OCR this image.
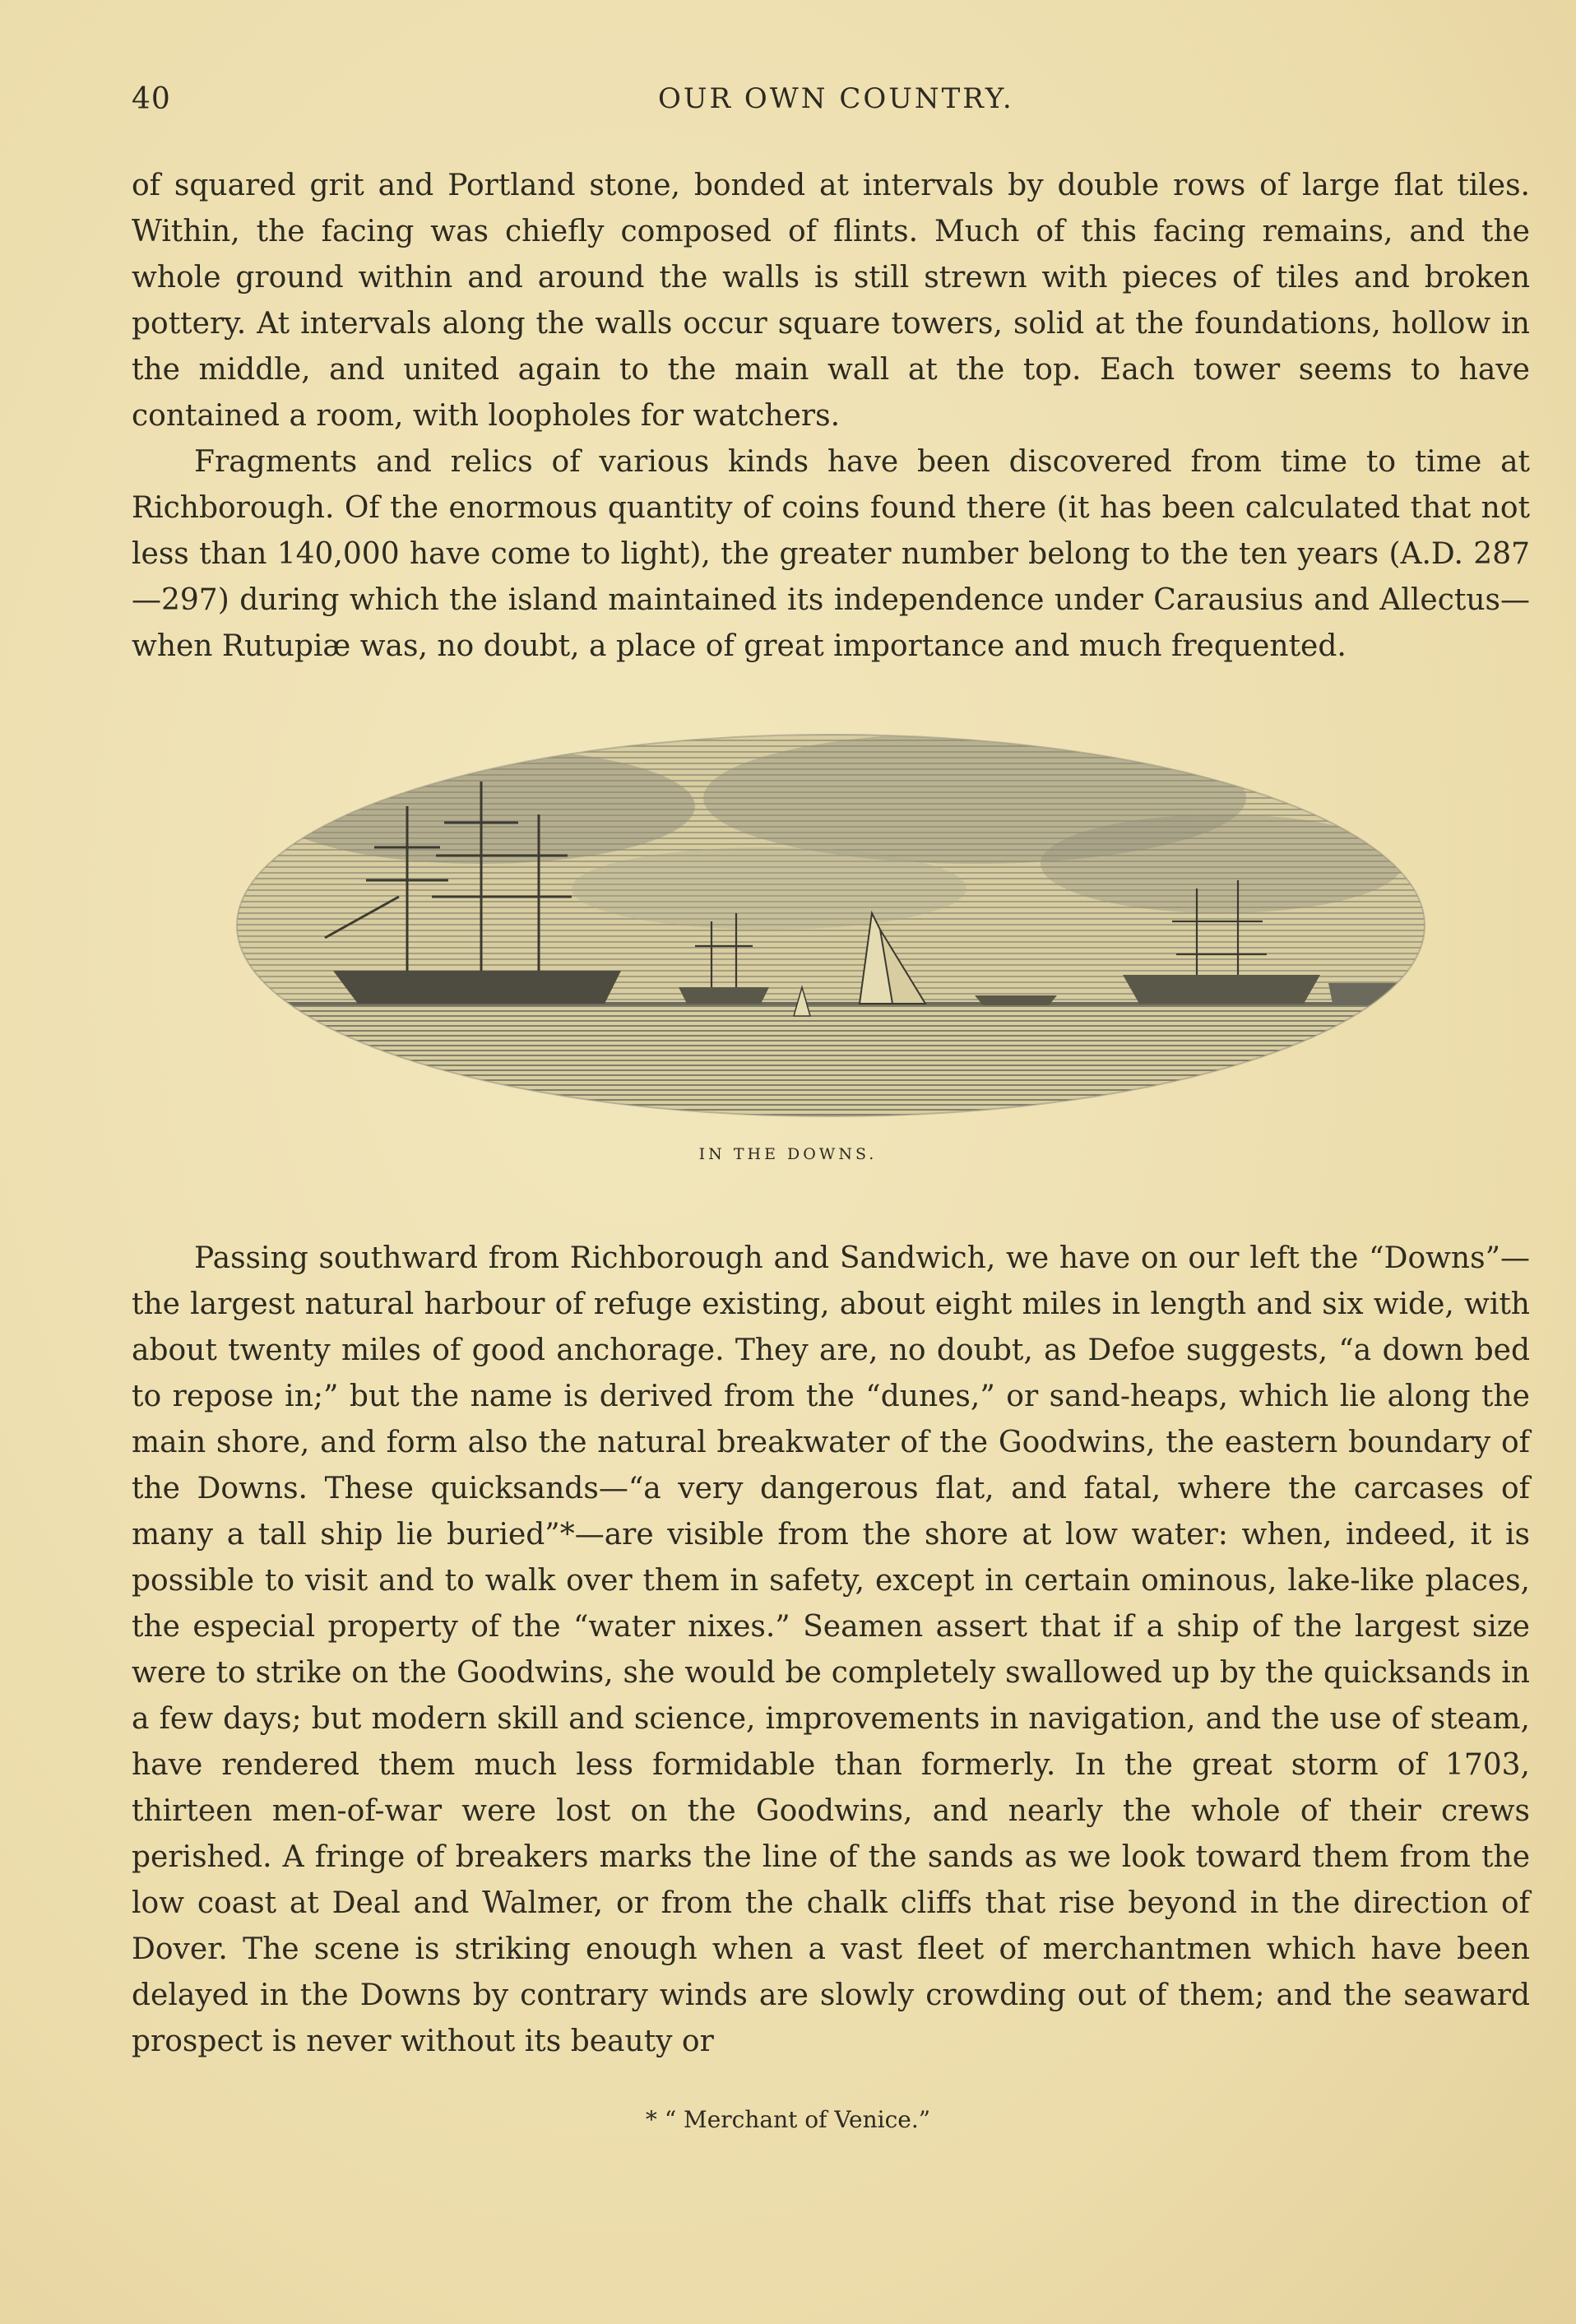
40	OUR OWN COUNTRY.

of squared grit and Portland stone, bonded at intervals by double rows of large flat tiles. Within, the facing was chiefly composed of flints. Much of this facing remains, and the whole ground within and around the walls is still strewn with pieces of tiles and broken pottery. At intervals along the walls occur square towers, solid at the foundations, hollow in the middle, and united again to the main wall at the top. Each tower seems to have contained a room, with loopholes for watchers.

Fragments and relics of various kinds have been discovered from time to time at Richborough. Of the enormous quantity of coins found there (it has been calculated that not less than 140,000 have come to light), the greater number belong to the ten years (A.D. 287—297) during which the island maintained its independence under Carausius and Allectus—when Rutupiæ was, no doubt, a place of great importance and much frequented.

IN THE DOWNS.

Passing southward from Richborough and Sandwich, we have on our left the “Downs”—the largest natural harbour of refuge existing, about eight miles in length and six wide, with about twenty miles of good anchorage. They are, no doubt, as Defoe suggests, “a down bed to repose in;” but the name is derived from the “dunes,” or sand-heaps, which lie along the main shore, and form also the natural breakwater of the Goodwins, the eastern boundary of the Downs. These quicksands—“a very dangerous flat, and fatal, where the carcases of many a tall ship lie buried”*—are visible from the shore at low water: when, indeed, it is possible to visit and to walk over them in safety, except in certain ominous, lake-like places, the especial property of the “water nixes.” Seamen assert that if a ship of the largest size were to strike on the Goodwins, she would be completely swallowed up by the quicksands in a few days; but modern skill and science, improvements in navigation, and the use of steam, have rendered them much less formidable than formerly. In the great storm of 1703, thirteen men-of-war were lost on the Goodwins, and nearly the whole of their crews perished. A fringe of breakers marks the line of the sands as we look toward them from the low coast at Deal and Walmer, or from the chalk cliffs that rise beyond in the direction of Dover. The scene is striking enough when a vast fleet of merchantmen which have been delayed in the Downs by contrary winds are slowly crowding out of them; and the seaward prospect is never without its beauty or

* “ Merchant of Venice.”
